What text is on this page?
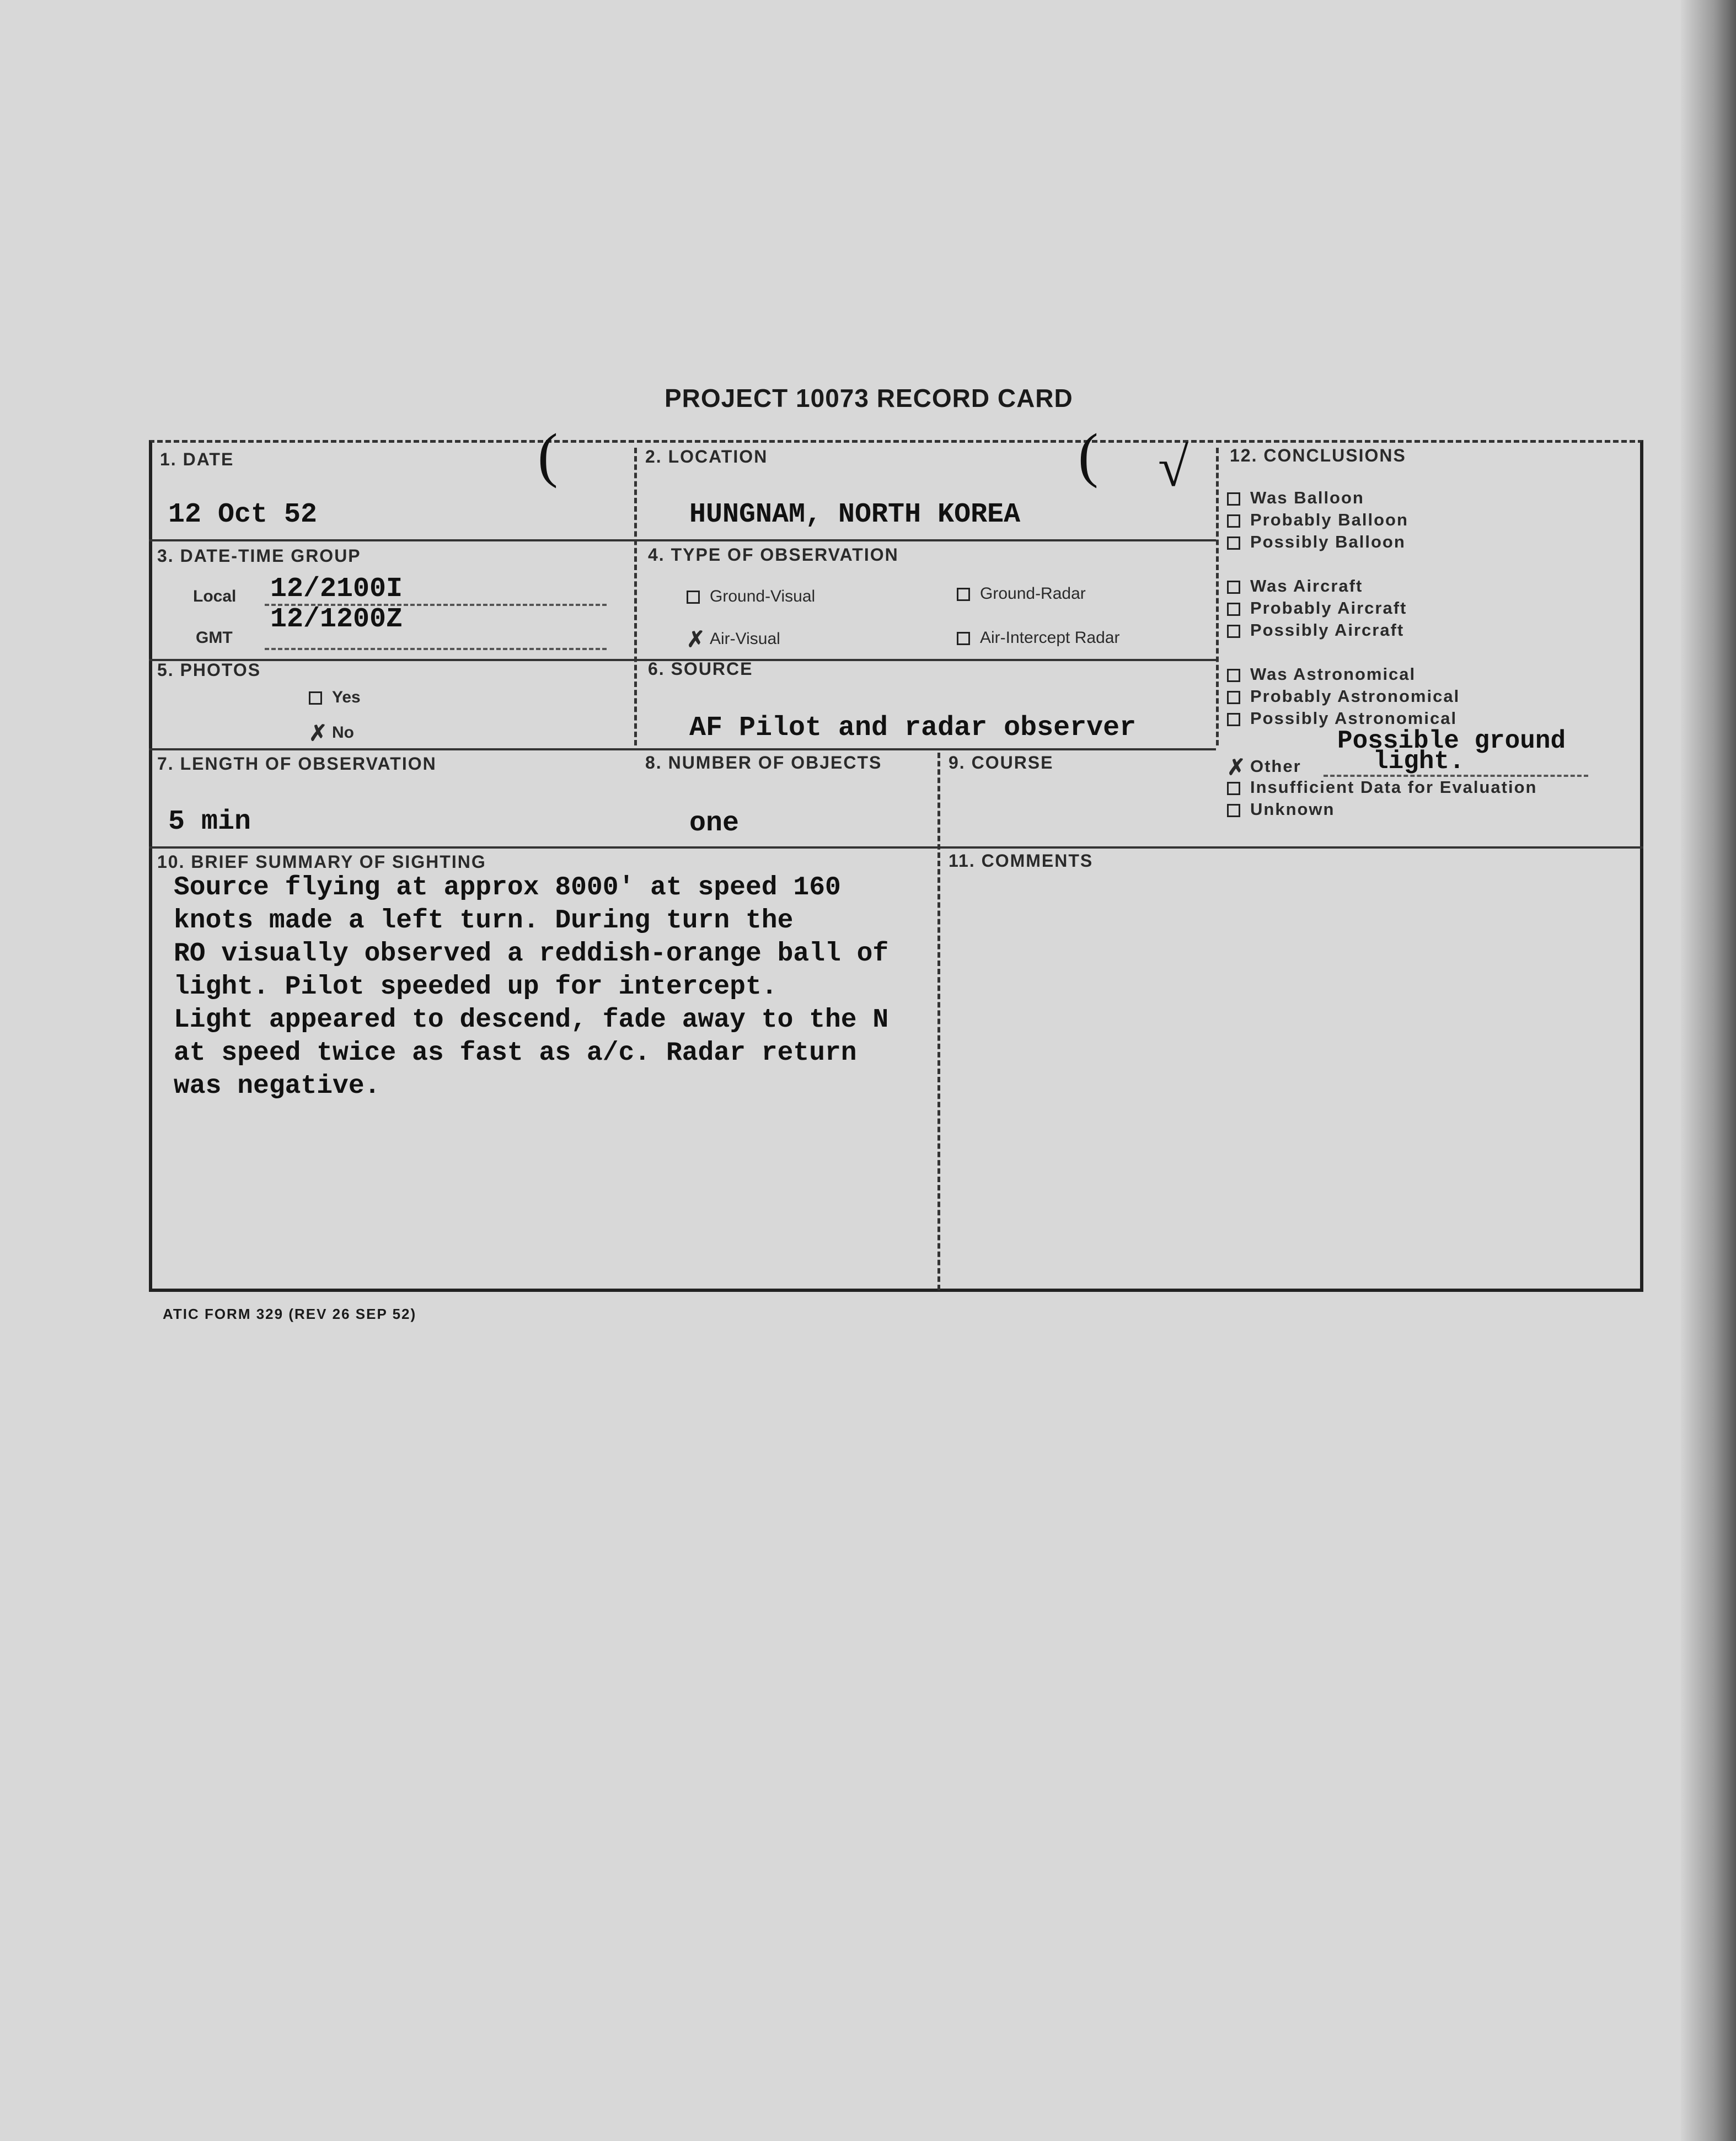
PROJECT 10073 RECORD CARD
1. DATE
12 Oct 52
2. LOCATION
HUNGNAM, NORTH KOREA
3. DATE-TIME GROUP
Local 12/2100I
GMT
12/1200Z
4. TYPE OF OBSERVATION
Ground-Visual	Ground-Radar
✗ Air-Visual	Air-Intercept Radar
5. PHOTOS
Yes
✗ No
6. SOURCE
AF Pilot and radar observer
7. LENGTH OF OBSERVATION
5 min
8. NUMBER OF OBJECTS
one
9. COURSE
10. BRIEF SUMMARY OF SIGHTING
Source flying at approx 8000' at speed 160
knots made a left turn. During turn the
RO visually observed a reddish-orange ball of
light. Pilot speeded up for intercept.
Light appeared to descend, fade away to the N
at speed twice as fast as a/c. Radar return
was negative.
11. COMMENTS
12. CONCLUSIONS
Was Balloon
Probably Balloon
Possibly Balloon
Was Aircraft
Probably Aircraft
Possibly Aircraft
Was Astronomical
Probably Astronomical
Possibly Astronomical
Possible ground
✗ Other	light.
Insufficient Data for Evaluation
Unknown
(	( √
ATIC FORM 329 (REV 26 SEP 52)
